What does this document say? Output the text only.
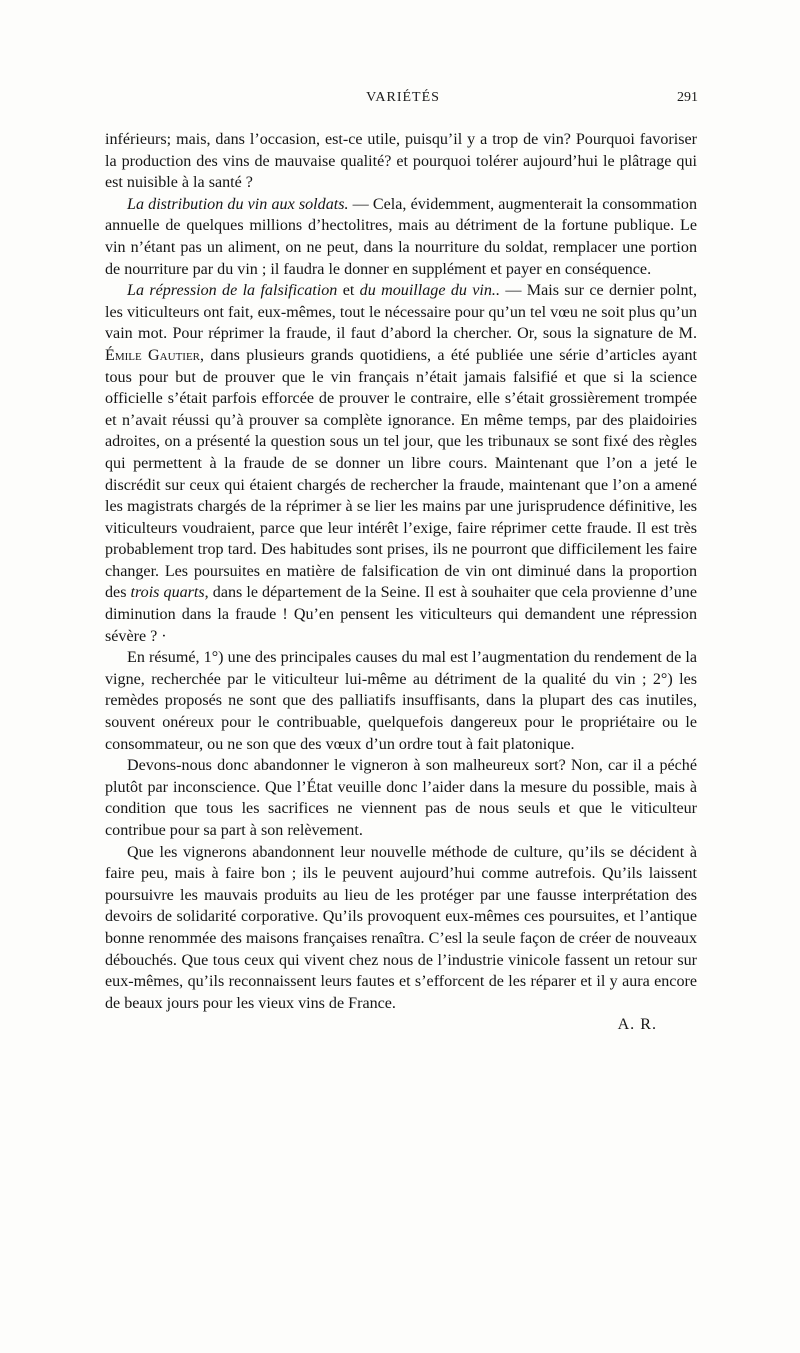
VARIÉTÉS	291

inférieurs; mais, dans l’occasion, est-ce utile, puisqu’il y a trop de vin? Pourquoi favoriser la production des vins de mauvaise qualité? et pourquoi tolérer aujourd’hui le plâtrage qui est nuisible à la santé ?

La distribution du vin aux soldats. — Cela, évidemment, augmenterait la consommation annuelle de quelques millions d’hectolitres, mais au détriment de la fortune publique. Le vin n’étant pas un aliment, on ne peut, dans la nourriture du soldat, remplacer une portion de nourriture par du vin ; il faudra le donner en supplément et payer en conséquence.

La répression de la falsification et du mouillage du vin.. — Mais sur ce dernier polnt, les viticulteurs ont fait, eux-mêmes, tout le nécessaire pour qu’un tel vœu ne soit plus qu’un vain mot. Pour réprimer la fraude, il faut d’abord la chercher. Or, sous la signature de M. Émile Gautier, dans plusieurs grands quotidiens, a été publiée une série d’articles ayant tous pour but de prouver que le vin français n’était jamais falsifié et que si la science officielle s’était parfois efforcée de prouver le contraire, elle s’était grossièrement trompée et n’avait réussi qu’à prouver sa complète ignorance. En même temps, par des plaidoiries adroites, on a présenté la question sous un tel jour, que les tribunaux se sont fixé des règles qui permettent à la fraude de se donner un libre cours. Maintenant que l’on a jeté le discrédit sur ceux qui étaient chargés de rechercher la fraude, maintenant que l’on a amené les magistrats chargés de la réprimer à se lier les mains par une jurisprudence définitive, les viticulteurs voudraient, parce que leur intérêt l’exige, faire réprimer cette fraude. Il est très probablement trop tard. Des habitudes sont prises, ils ne pourront que difficilement les faire changer. Les poursuites en matière de falsification de vin ont diminué dans la proportion des trois quarts, dans le département de la Seine. Il est à souhaiter que cela provienne d’une diminution dans la fraude ! Qu’en pensent les viticulteurs qui demandent une répression sévère ? ·

En résumé, 1°) une des principales causes du mal est l’augmentation du rendement de la vigne, recherchée par le viticulteur lui-même au détriment de la qualité du vin ; 2°) les remèdes proposés ne sont que des palliatifs insuffisants, dans la plupart des cas inutiles, souvent onéreux pour le contribuable, quelquefois dangereux pour le propriétaire ou le consommateur, ou ne son que des vœux d’un ordre tout à fait platonique.

Devons-nous donc abandonner le vigneron à son malheureux sort? Non, car il a péché plutôt par inconscience. Que l’État veuille donc l’aider dans la mesure du possible, mais à condition que tous les sacrifices ne viennent pas de nous seuls et que le viticulteur contribue pour sa part à son relèvement.

Que les vignerons abandonnent leur nouvelle méthode de culture, qu’ils se décident à faire peu, mais à faire bon ; ils le peuvent aujourd’hui comme autrefois. Qu’ils laissent poursuivre les mauvais produits au lieu de les protéger par une fausse interprétation des devoirs de solidarité corporative. Qu’ils provoquent eux-mêmes ces poursuites, et l’antique bonne renommée des maisons françaises renaîtra. C’esl la seule façon de créer de nouveaux débouchés. Que tous ceux qui vivent chez nous de l’industrie vinicole fassent un retour sur eux-mêmes, qu’ils reconnaissent leurs fautes et s’efforcent de les réparer et il y aura encore de beaux jours pour les vieux vins de France.

A. R.
